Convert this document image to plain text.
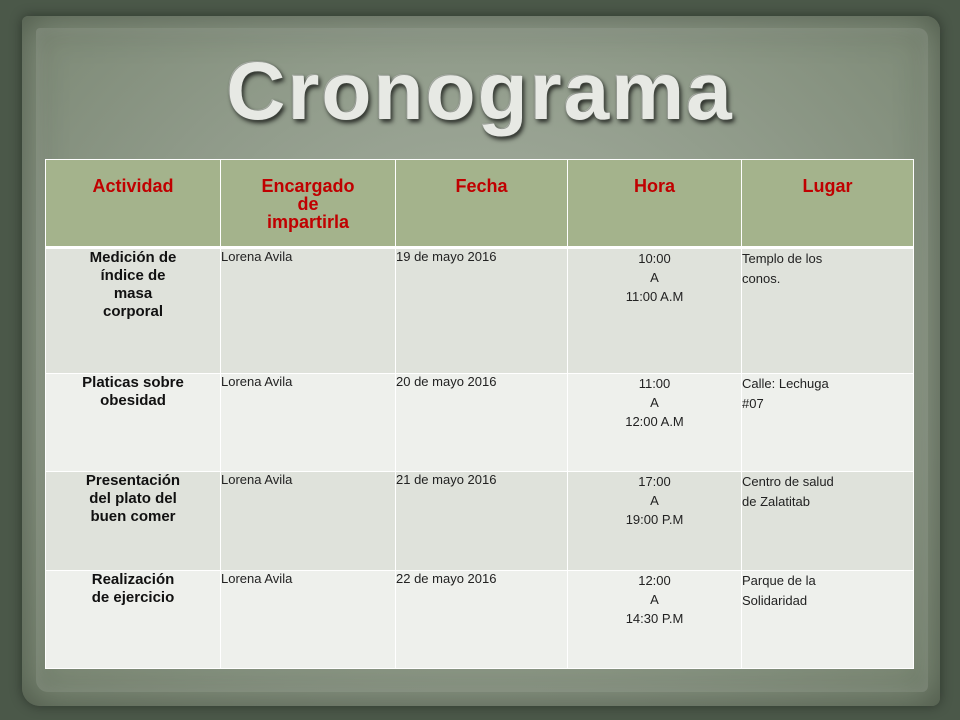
Cronograma
Actividad	Encargado
de
impartirla	Fecha	Hora	Lugar

Medición de
índice de
masa
corporal	Lorena Avila	19 de mayo 2016	10:00
A
11:00 A.M	Templo de los
conos.

Platicas sobre
obesidad	Lorena Avila	20 de mayo 2016	11:00
A
12:00 A.M	Calle: Lechuga
#07

Presentación
del plato del
buen comer	Lorena Avila	21 de mayo 2016	17:00
A
19:00 P.M	Centro de salud
de Zalatitab

Realización
de ejercicio	Lorena Avila	22 de mayo 2016	12:00
A
14:30 P.M	Parque de la
Solidaridad
